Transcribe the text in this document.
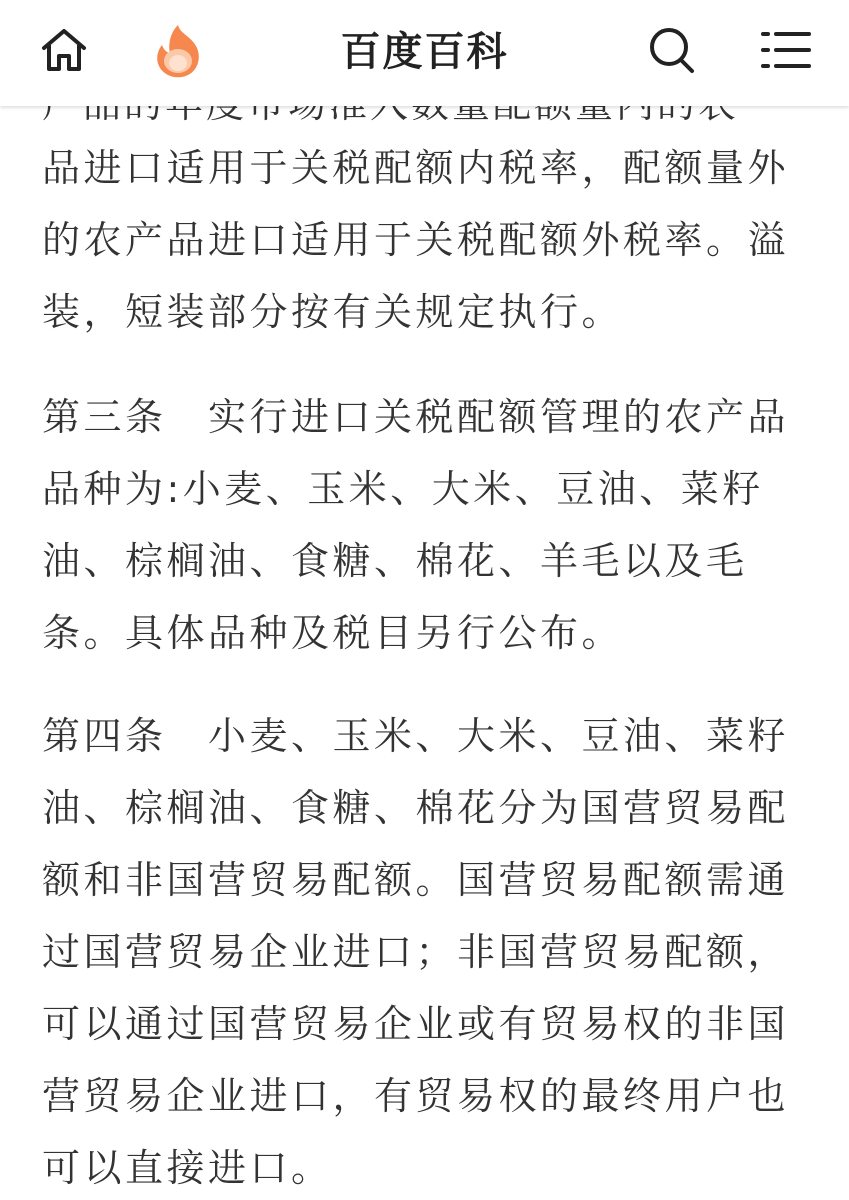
品进口适用于关税配额内税率，配额量外的农产品进口适用于关税配额外税率。溢装，短装部分按有关规定执行。

第三条　实行进口关税配额管理的农产品品种为:小麦、玉米、大米、豆油、菜籽油、棕榈油、食糖、棉花、羊毛以及毛条。具体品种及税目另行公布。

第四条　小麦、玉米、大米、豆油、菜籽油、棕榈油、食糖、棉花分为国营贸易配额和非国营贸易配额。国营贸易配额需通过国营贸易企业进口；非国营贸易配额，可以通过国营贸易企业或有贸易权的非国营贸易企业进口，有贸易权的最终用户也可以直接进口。

百度百科
